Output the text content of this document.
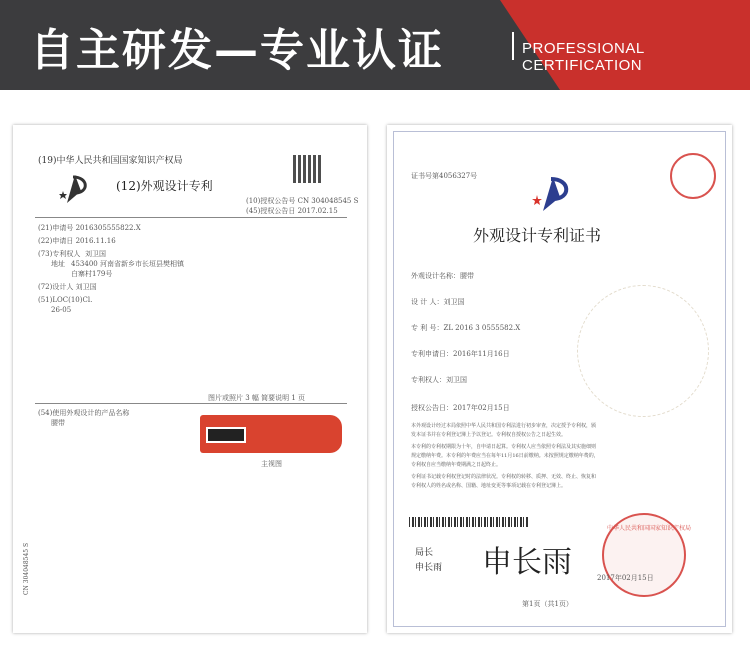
自主研发—专业认证	PROFESSIONAL CERTIFICATION
(19)中华人民共和国国家知识产权局
(12)外观设计专利
(10)授权公告号 CN 304048545 S
(45)授权公告日 2017.02.15
(21)申请号 2016305555822.X
(22)申请日 2016.11.16
(73)专利权人 刘卫国
地址 453400 河南省新乡市长垣县樊相镇
白寨村179号
(72)设计人 刘卫国
(51)LOC(10)Cl.
26-05
图片或照片 3 幅 简要说明 1 页
(54)使用外观设计的产品名称
腰带
主视图
CN 304048545 S
证书号第4056327号
外观设计专利证书
外观设计名称：腰带
设 计 人：刘卫国
专 利 号：ZL 2016 3 0555582.X
专利申请日：2016年11月16日
专利权人：刘卫国
授权公告日：2017年02月15日
本外观设计经过本局依照中华人民共和国专利法进行初步审查，决定授予专利权，颁
发本证书并在专利登记簿上予以登记。专利权自授权公告之日起生效。
本专利的专利权期限为十年，自申请日起算。专利权人应当依照专利法及其实施细则
规定缴纳年费。本专利的年费应当在每年11月16日前缴纳。未按照规定缴纳年费的，
专利权自应当缴纳年费期满之日起终止。
专利证书记载专利权登记时的法律状况。专利权的转移、质押、无效、终止、恢复和
专利权人的姓名或名称、国籍、地址变更等事项记载在专利登记簿上。
局长
申长雨 申长雨
中华人民共和国国家知识产权局
2017年02月15日
第1页（共1页）
